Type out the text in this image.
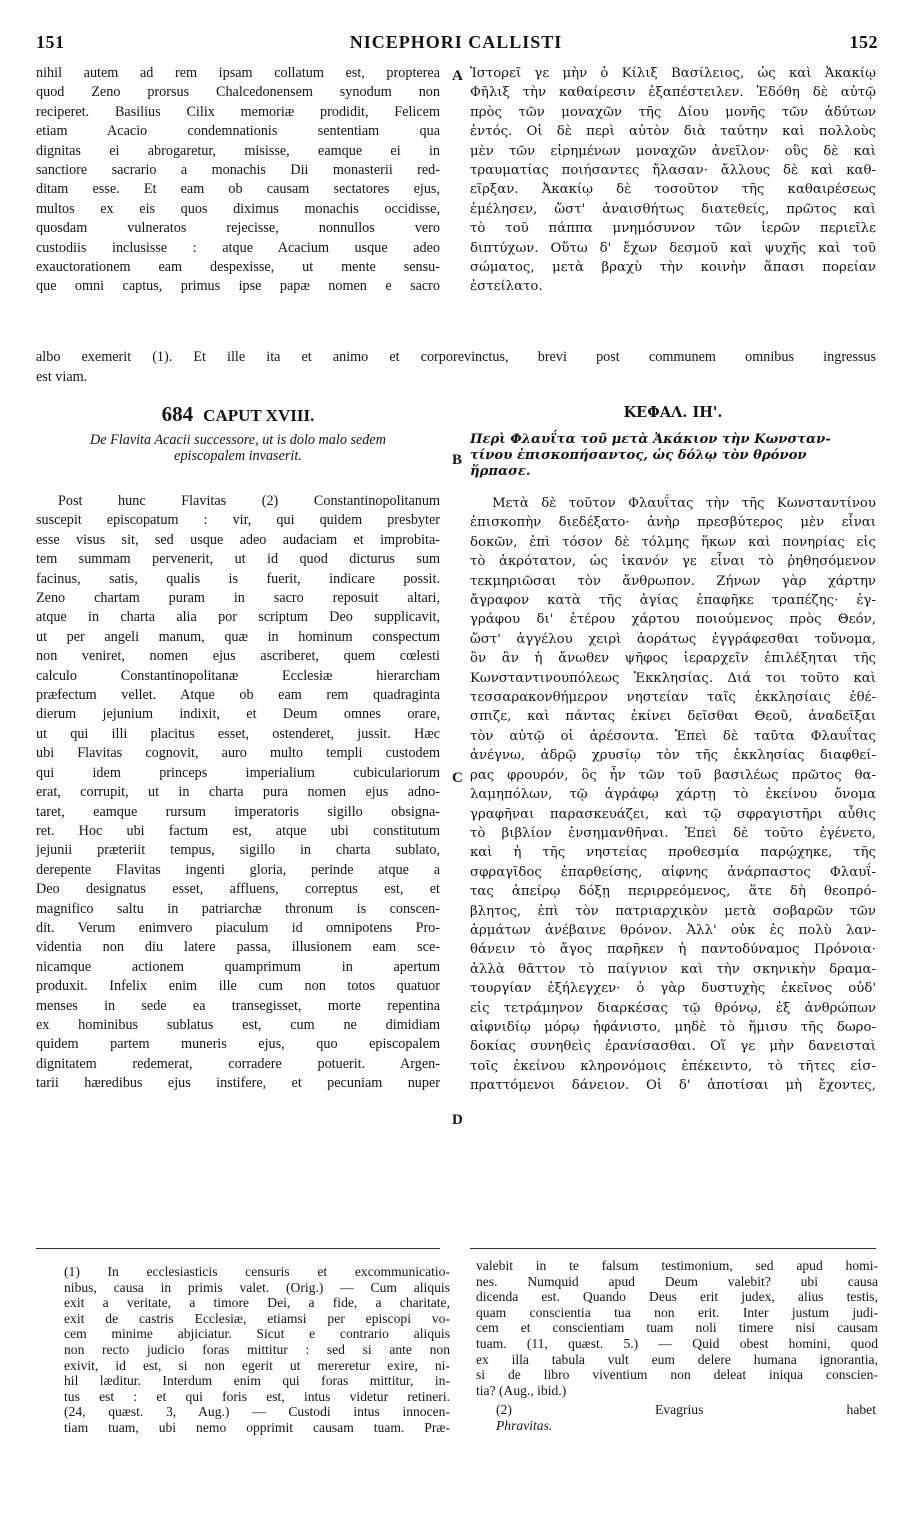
151	NICEPHORI CALLISTI	152
A
B
C
D
nihil autem ad rem ipsam collatum est, propterea
quod Zeno prorsus Chalcedonensem synodum non
reciperet. Basilius Cilix memoriæ prodidit, Felicem
etiam Acacio condemnationis sententiam qua
dignitas ei abrogaretur, misisse, eamque ei in
sanctiore sacrario a monachis Dii monasterii red-
ditam esse. Et eam ob causam sectatores ejus,
multos ex eis quos diximus monachis occidisse,
quosdam vulneratos rejecisse, nonnullos vero
custodiis inclusisse : atque Acacium usque adeo
exauctorationem eam despexisse, ut mente sensu-
que omni captus, primus ipse papæ nomen e sacro
Ἱστορεῖ γε μὴν ὁ Κίλιξ Βασίλειος, ὡς καὶ Ἀκακίῳ
Φῆλιξ τὴν καθαίρεσιν ἐξαπέστειλεν. Ἐδόθη δὲ αὐτῷ
πρὸς τῶν μοναχῶν τῆς Δίου μονῆς τῶν ἀδύτων
ἐντός. Οἱ δὲ περὶ αὐτὸν διὰ ταύτην καὶ πολλοὺς
μὲν τῶν εἰρημένων μοναχῶν ἀνεῖλον· οὓς δὲ καὶ
τραυματίας ποιήσαντες ἤλασαν· ἄλλους δὲ καὶ καθ-
εῖρξαν. Ἀκακίῳ δὲ τοσοῦτον τῆς καθαιρέσεως
ἐμέλησεν, ὥστ' ἀναισθήτως διατεθείς, πρῶτος καὶ
τὸ τοῦ πάππα μνημόσυνον τῶν ἱερῶν περιεῖλε
διπτύχων. Οὕτω δ' ἔχων δεσμοῦ καὶ ψυχῆς καὶ τοῦ
σώματος, μετὰ βραχὺ τὴν κοινὴν ἅπασι πορείαν
ἐστείλατο.
albo exemerit (1). Et ille ita et animo et corporevinctus, brevi post communem omnibus ingressus
est viam.
684 CAPUT XVIII.	ΚΕΦΑΛ. ΙΗ'.
De Flavita Acacii successore, ut is dolo malo sedem
episcopalem invaserit.
Περὶ Φλαυΐτα τοῦ μετὰ Ἀκάκιον τὴν Κωνσταν-
τίνου ἐπισκοπήσαντος, ὡς δόλῳ τὸν θρόνον
ἥρπασε.
Post hunc Flavitas (2) Constantinopolitanum
suscepit episcopatum : vir, qui quidem presbyter
esse visus sit, sed usque adeo audaciam et improbita-
tem summam pervenerit, ut id quod dicturus sum
facinus, satis, qualis is fuerit, indicare possit.
Zeno chartam puram in sacro reposuit altari,
atque in charta alia por scriptum Deo supplicavit,
ut per angeli manum, quæ in hominum conspectum
non veniret, nomen ejus ascriberet, quem cœlesti
calculo Constantinopolitanæ Ecclesiæ hierarcham
præfectum vellet. Atque ob eam rem quadraginta
dierum jejunium indixit, et Deum omnes orare,
ut qui illi placitus esset, ostenderet, jussit. Hæc
ubi Flavitas cognovit, auro multo templi custodem
qui idem princeps imperialium cubiculariorum
erat, corrupit, ut in charta pura nomen ejus adno-
taret, eamque rursum imperatoris sigillo obsigna-
ret. Hoc ubi factum est, atque ubi constitutum
jejunii præteriit tempus, sigillo in charta sublato,
derepente Flavitas ingenti gloria, perinde atque a
Deo designatus esset, affluens, correptus est, et
magnifico saltu in patriarchæ thronum is conscen-
dit. Verum enimvero piaculum id omnipotens Pro-
videntia non diu latere passa, illusionem eam sce-
nicamque actionem quamprimum in apertum
produxit. Infelix enim ille cum non totos quatuor
menses in sede ea transegisset, morte repentina
ex hominibus sublatus est, cum ne dimidiam
quidem partem muneris ejus, quo episcopalem
dignitatem redemerat, corradere potuerit. Argen-
tarii hæredibus ejus instifere, et pecuniam nuper
Μετὰ δὲ τοῦτον Φλαυΐτας τὴν τῆς Κωνσταντίνου
ἐπισκοπὴν διεδέξατο· ἀνὴρ πρεσβύτερος μὲν εἶναι
δοκῶν, ἐπὶ τόσον δὲ τόλμης ἥκων καὶ πονηρίας εἰς
τὸ ἀκρότατον, ὡς ἱκανόν γε εἶναι τὸ ῥηθησόμενον
τεκμηριῶσαι τὸν ἄνθρωπον. Ζήνων γὰρ χάρτην
ἄγραφον κατὰ τῆς ἁγίας ἐπαφῆκε τραπέζης· ἐγ-
γράφου δι' ἑτέρου χάρτου ποιούμενος πρὸς Θεόν,
ὥστ' ἀγγέλου χειρὶ ἀοράτως ἐγγράφεσθαι τοὔνομα,
ὃν ἂν ἡ ἄνωθεν ψῆφος ἱεραρχεῖν ἐπιλέξηται τῆς
Κωνσταντινουπόλεως Ἐκκλησίας. Διά τοι τοῦτο καὶ
τεσσαρακονθήμερον νηστείαν ταῖς ἐκκλησίαις ἐθέ-
σπιζε, καὶ πάντας ἐκίνει δεῖσθαι Θεοῦ, ἀναδεῖξαι
τὸν αὐτῷ οἱ ἀρέσοντα. Ἐπεὶ δὲ ταῦτα Φλαυΐτας
ἀνέγνω, ἀδρῷ χρυσίῳ τὸν τῆς ἐκκλησίας διαφθεί-
ρας φρουρόν, ὃς ἦν τῶν τοῦ βασιλέως πρῶτος θα-
λαμηπόλων, τῷ ἀγράφῳ χάρτῃ τὸ ἐκείνου ὄνομα
γραφῆναι παρασκευάζει, καὶ τῷ σφραγιστῆρι αὖθις
τὸ βιβλίον ἐνσημανθῆναι. Ἐπεὶ δὲ τοῦτο ἐγένετο,
καὶ ἡ τῆς νηστείας προθεσμία παρῴχηκε, τῆς
σφραγῖδος ἐπαρθείσης, αἰφνης ἀνάρπαστος Φλαυΐ-
τας ἀπείρῳ δόξῃ περιρρεόμενος, ἅτε δὴ θεοπρό-
βλητος, ἐπὶ τὸν πατριαρχικὸν μετὰ σοβαρῶν τῶν
ἁρμάτων ἀνέβαινε θρόνον. Ἀλλ' οὐκ ἐς πολὺ λαν-
θάνειν τὸ ἄγος παρῆκεν ἡ παντοδύναμος Πρόνοια·
ἀλλὰ θᾶττον τὸ παίγνιον καὶ τὴν σκηνικὴν δραμα-
τουργίαν ἐξήλεγχεν· ὁ γὰρ δυστυχὴς ἐκεῖνος οὐδ'
εἰς τετράμηνον διαρκέσας τῷ θρόνῳ, ἐξ ἀνθρώπων
αἰφνιδίῳ μόρῳ ἠφάνιστο, μηδὲ τὸ ἥμισυ τῆς δωρο-
δοκίας συνηθεὶς ἐρανίσασθαι. Οἵ γε μὴν δανεισταὶ
τοῖς ἐκείνου κληρονόμοις ἐπέκειντο, τὸ τῆτες εἰσ-
πραττόμενοι δάνειον. Οἱ δ' ἀποτίσαι μὴ ἔχοντες,
(1) In ecclesiasticis censuris et excommunicatio-
nibus, causa in primis valet. (Orig.) — Cum aliquis
exit a veritate, a timore Dei, a fide, a charitate,
exit de castris Ecclesiæ, etiamsi per episcopi vo-
cem minime abjiciatur. Sicut e contrario aliquis
non recto judicio foras mittitur : sed si ante non
exivit, id est, si non egerit ut mereretur exire, ni-
hil læditur. Interdum enim qui foras mittitur, in-
tus est : et qui foris est, intus videtur retineri.
(24, quæst. 3, Aug.) — Custodi intus innocen-
tiam tuam, ubi nemo opprimit causam tuam. Præ-
valebit in te falsum testimonium, sed apud homi-
nes. Numquid apud Deum valebit? ubi causa
dicenda est. Quando Deus erit judex, alius testis,
quam conscientia tua non erit. Inter justum judi-
cem et conscientiam tuam noli timere nisi causam
tuam. (11, quæst. 5.) — Quid obest homini, quod
ex illa tabula vult eum delere humana ignorantia,
si de libro viventium non deleat iniqua conscien-
tia? (Aug., ibid.)
(2) Evagrius habet
Phravitas.
